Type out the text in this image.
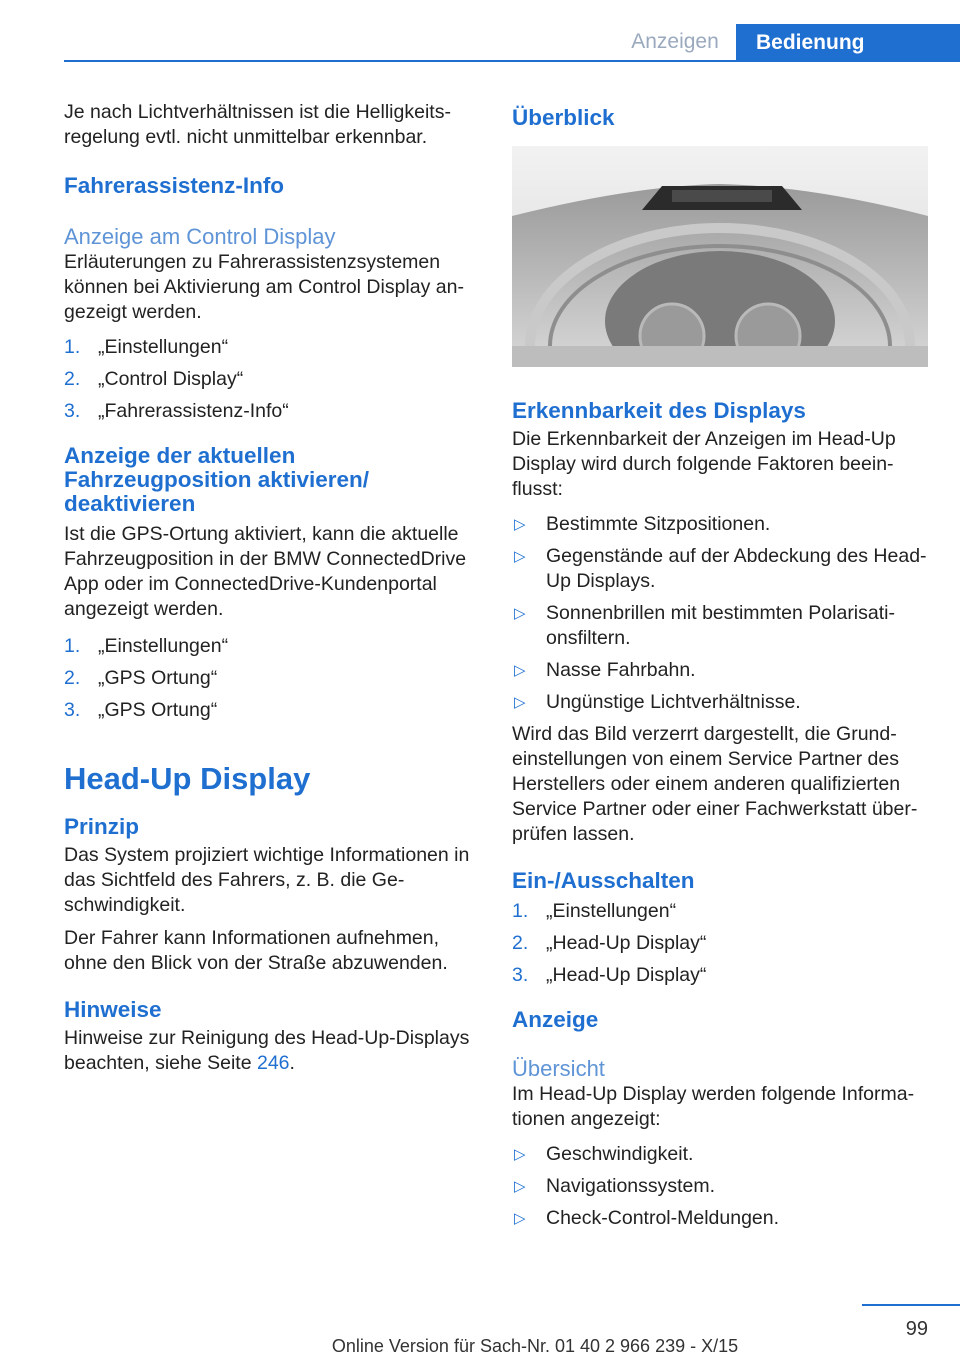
Anzeigen	Bedienung

Je nach Lichtverhältnissen ist die Helligkeitsregelung evtl. nicht unmittelbar erkennbar.

Fahrerassistenz-Info
Anzeige am Control Display

Erläuterungen zu Fahrerassistenzsystemen können bei Aktivierung am Control Display angezeigt werden.

1. „Einstellungen“
2. „Control Display“
3. „Fahrerassistenz-Info“
Anzeige der aktuellen Fahrzeugposition aktivieren/ deaktivieren

Ist die GPS-Ortung aktiviert, kann die aktuelle Fahrzeugposition in der BMW ConnectedDrive App oder im ConnectedDrive-Kundenportal angezeigt werden.

1. „Einstellungen“
2. „GPS Ortung“
3. „GPS Ortung“
Head-Up Display
Prinzip

Das System projiziert wichtige Informationen in das Sichtfeld des Fahrers, z. B. die Geschwindigkeit.

Der Fahrer kann Informationen aufnehmen, ohne den Blick von der Straße abzuwenden.

Hinweise

Hinweise zur Reinigung des Head-Up-Displays beachten, siehe Seite 246.

Überblick
Erkennbarkeit des Displays

Die Erkennbarkeit der Anzeigen im Head-Up Display wird durch folgende Faktoren beeinflusst:

▷ Bestimmte Sitzpositionen.
▷ Gegenstände auf der Abdeckung des Head-Up Displays.
▷ Sonnenbrillen mit bestimmten Polarisationsfiltern.
▷ Nasse Fahrbahn.
▷ Ungünstige Lichtverhältnisse.

Wird das Bild verzerrt dargestellt, die Grundeinstellungen von einem Service Partner des Herstellers oder einem anderen qualifizierten Service Partner oder einer Fachwerkstatt überprüfen lassen.

Ein-/Ausschalten
1. „Einstellungen“
2. „Head-Up Display“
3. „Head-Up Display“
Anzeige
Übersicht

Im Head-Up Display werden folgende Informationen angezeigt:

▷ Geschwindigkeit.
▷ Navigationssystem.
▷ Check-Control-Meldungen.
99
Online Version für Sach-Nr. 01 40 2 966 239 - X/15
